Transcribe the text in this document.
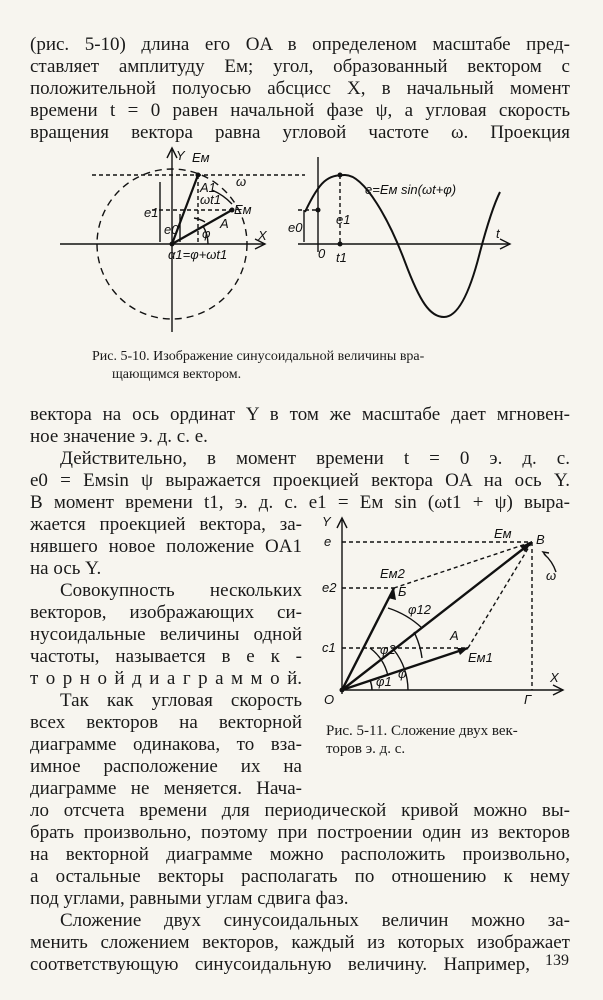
(рис. 5-10) длина его OA в определеном масштабе пред-
ставляет амплитуду Eм; угол, образованный вектором с
положительной полуосью абсцисс X, в начальный момент
времени t = 0 равен начальной фазе ψ, а угловая скорость
вращения вектора равна угловой частоте ω. Проекция
Y Eм
A1 ω
ωt1
Eм
φ
A
e1
e0	X
α1=φ+ωt1
e1
e0
0 t1
t
e=Eм sin(ωt+φ)
Рис. 5-10. Изображение синусоидальной величины вра-
щающимся вектором.
вектора на ось ординат Y в том же масштабе дает мгновен-
ное значение э. д. с. e.
Действительно, в момент времени t = 0 э. д. с.
e0 = Eмsin ψ выражается проекцией вектора OA на ось Y.
В момент времени t1, э. д. с. e1 = Eм sin (ωt1 + ψ) выра-
жается проекцией вектора, за-
нявшего новое положение OA1
на ось Y.
Совокупность нескольких
векторов, изображающих си-
нусоидальные величины одной
частоты, называется в е к -
т о р н о й д и а г р а м м о й.
Так как угловая скорость
всех векторов на векторной
диаграмме одинакова, то вза-
имное расположение их на
диаграмме не меняется. Нача-
Y
e
Eм B
Eм2
Б
e2
φ12
A
ω
c1	φ2
Eм1
φ1
φ
O	Г
X
Рис. 5-11. Сложение двух век-
торов э. д. с.
ло отсчета времени для периодической кривой можно вы-
брать произвольно, поэтому при построении один из векторов
на векторной диаграмме можно расположить произвольно,
а остальные векторы располагать по отношению к нему
под углами, равными углам сдвига фаз.
Сложение двух синусоидальных величин можно за-
менить сложением векторов, каждый из которых изображает
соответствующую синусоидальную величину. Например, 139
